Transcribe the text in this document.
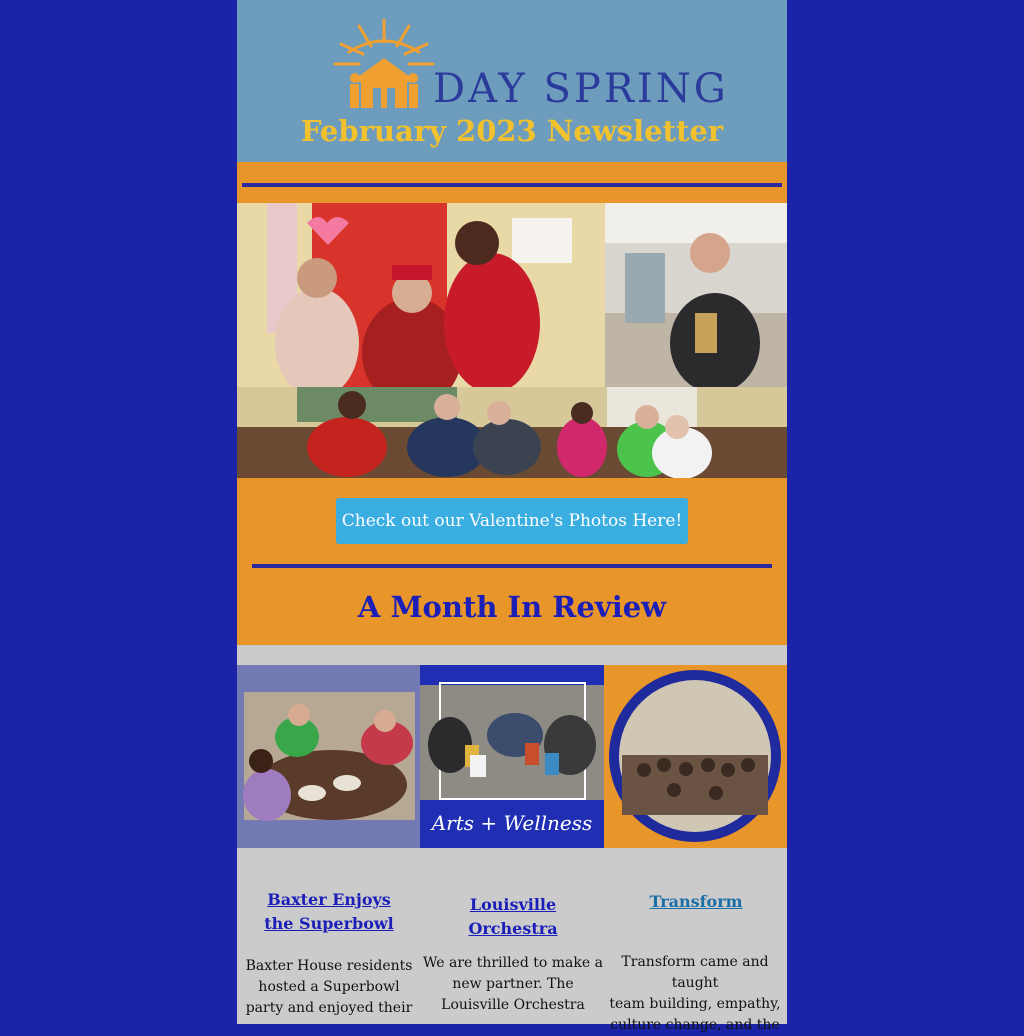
DAY SPRING
February 2023 Newsletter
Check out our Valentine's Photos Here!
A Month In Review
Arts + Wellness
Baxter Enjoys
the Superbowl
Louisville Orchestra
Transform
Baxter House residents
hosted a Superbowl
party and enjoyed their
We are thrilled to make a
new partner. The
Louisville Orchestra
Transform came and taught
team building, empathy,
culture change, and the
